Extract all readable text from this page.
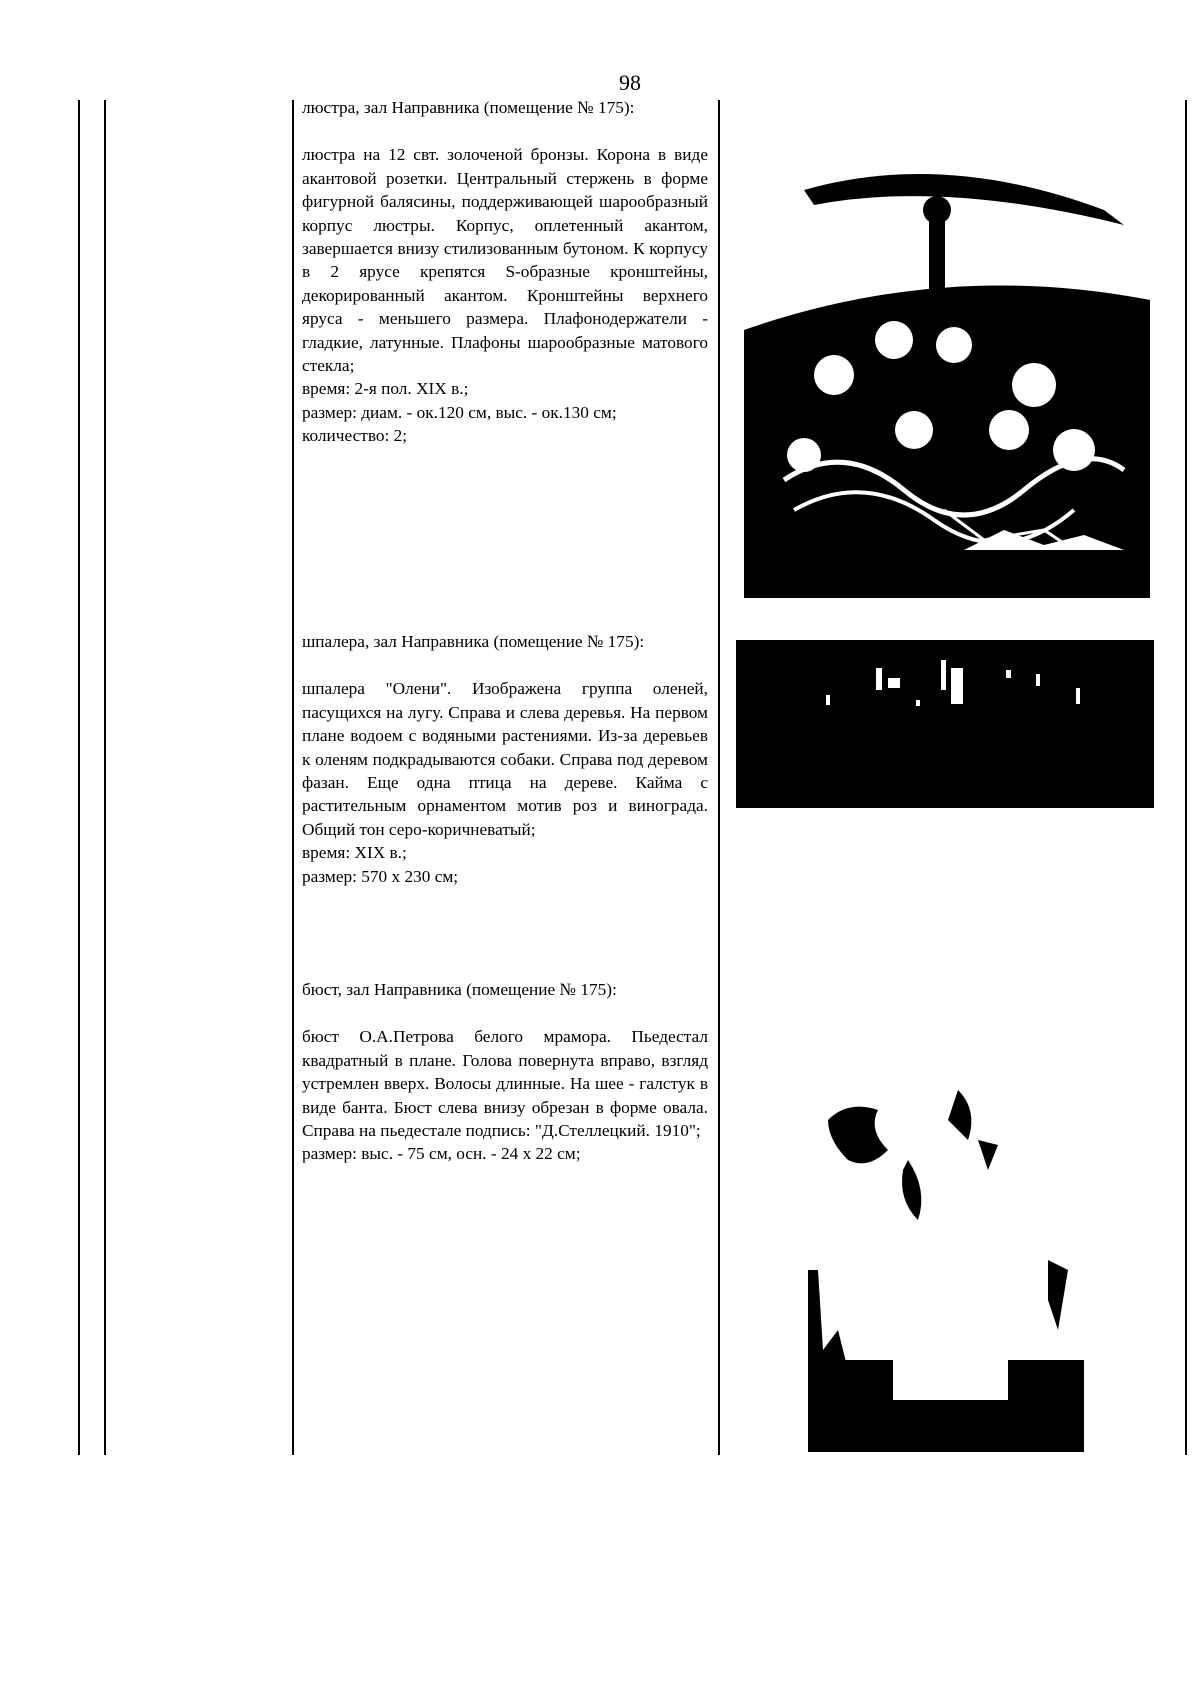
98

люстра, зал Направника (помещение № 175):

люстра на 12 свт. золоченой бронзы. Корона в виде акантовой розетки. Центральный стержень в форме фигурной балясины, поддерживающей шарообразный корпус люстры. Корпус, оплетенный акантом, завершается внизу стилизованным бутоном. К корпусу в 2 ярусе крепятся S-образные кронштейны, декорированный акантом. Кронштейны верхнего яруса - меньшего размера. Плафонодержатели - гладкие, латунные. Плафоны шарообразные матового стекла;

время: 2-я пол. XIX в.;

размер: диам. - ок.120 см, выс. - ок.130 см;

количество: 2;

шпалера, зал Направника (помещение № 175):

шпалера "Олени". Изображена группа оленей, пасущихся на лугу. Справа и слева деревья. На первом плане водоем с водяными растениями. Из-за деревьев к оленям подкрадываются собаки. Справа под деревом фазан. Еще одна птица на дереве. Кайма с растительным орнаментом мотив роз и винограда. Общий тон серо-коричневатый;

время: XIX в.;

размер: 570 х 230 см;

бюст, зал Направника (помещение № 175):

бюст О.А.Петрова белого мрамора. Пьедестал квадратный в плане. Голова повернута вправо, взгляд устремлен вверх. Волосы длинные. На шее - галстук в виде банта. Бюст слева внизу обрезан в форме овала. Справа на пьедестале подпись: "Д.Стеллецкий. 1910";

размер: выс. - 75 см, осн. - 24 х 22 см;
